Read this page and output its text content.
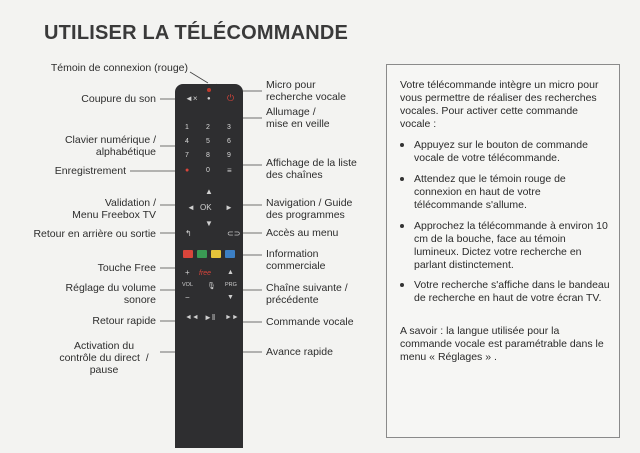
UTILISER LA TÉLÉCOMMANDE
Témoin de connexion (rouge)
Coupure du son
Clavier numérique /
alphabétique
Enregistrement
Validation /
Menu Freebox TV
Retour en arrière ou sortie
Touche Free
Réglage du volume
sonore
Retour rapide
Activation du
contrôle du direct  /
pause
Micro pour
recherche vocale
Allumage /
mise en veille
Affichage de la liste
des chaînes
Navigation / Guide
des programmes
Accès au menu
Information
commerciale
Chaîne suivante /
précédente
Commande vocale
Avance rapide
◄× ● ⏻
1 2 3
4 5 6
7 8 9
0
●	≡
▲
◄ OK ►
▼
↰	⊂⊃
+ free ▲
VOL	PRG
🎙
−	▼
◄◄ ►‖ ►►

Votre télécommande intègre un micro pour vous permettre de réaliser des recherches vocales. Pour activer cette commande vocale :

Appuyez sur le bouton de commande vocale de votre télécommande.

Attendez que le témoin rouge de connexion en haut de votre télécommande s'allume.

Approchez la télécommande à environ 10 cm de la bouche, face au témoin lumineux. Dictez votre recherche en parlant distinctement.

Votre recherche s'affiche dans le bandeau de recherche en haut de votre écran TV.

A savoir : la langue utilisée pour la commande vocale est paramétrable dans le menu « Réglages » .
